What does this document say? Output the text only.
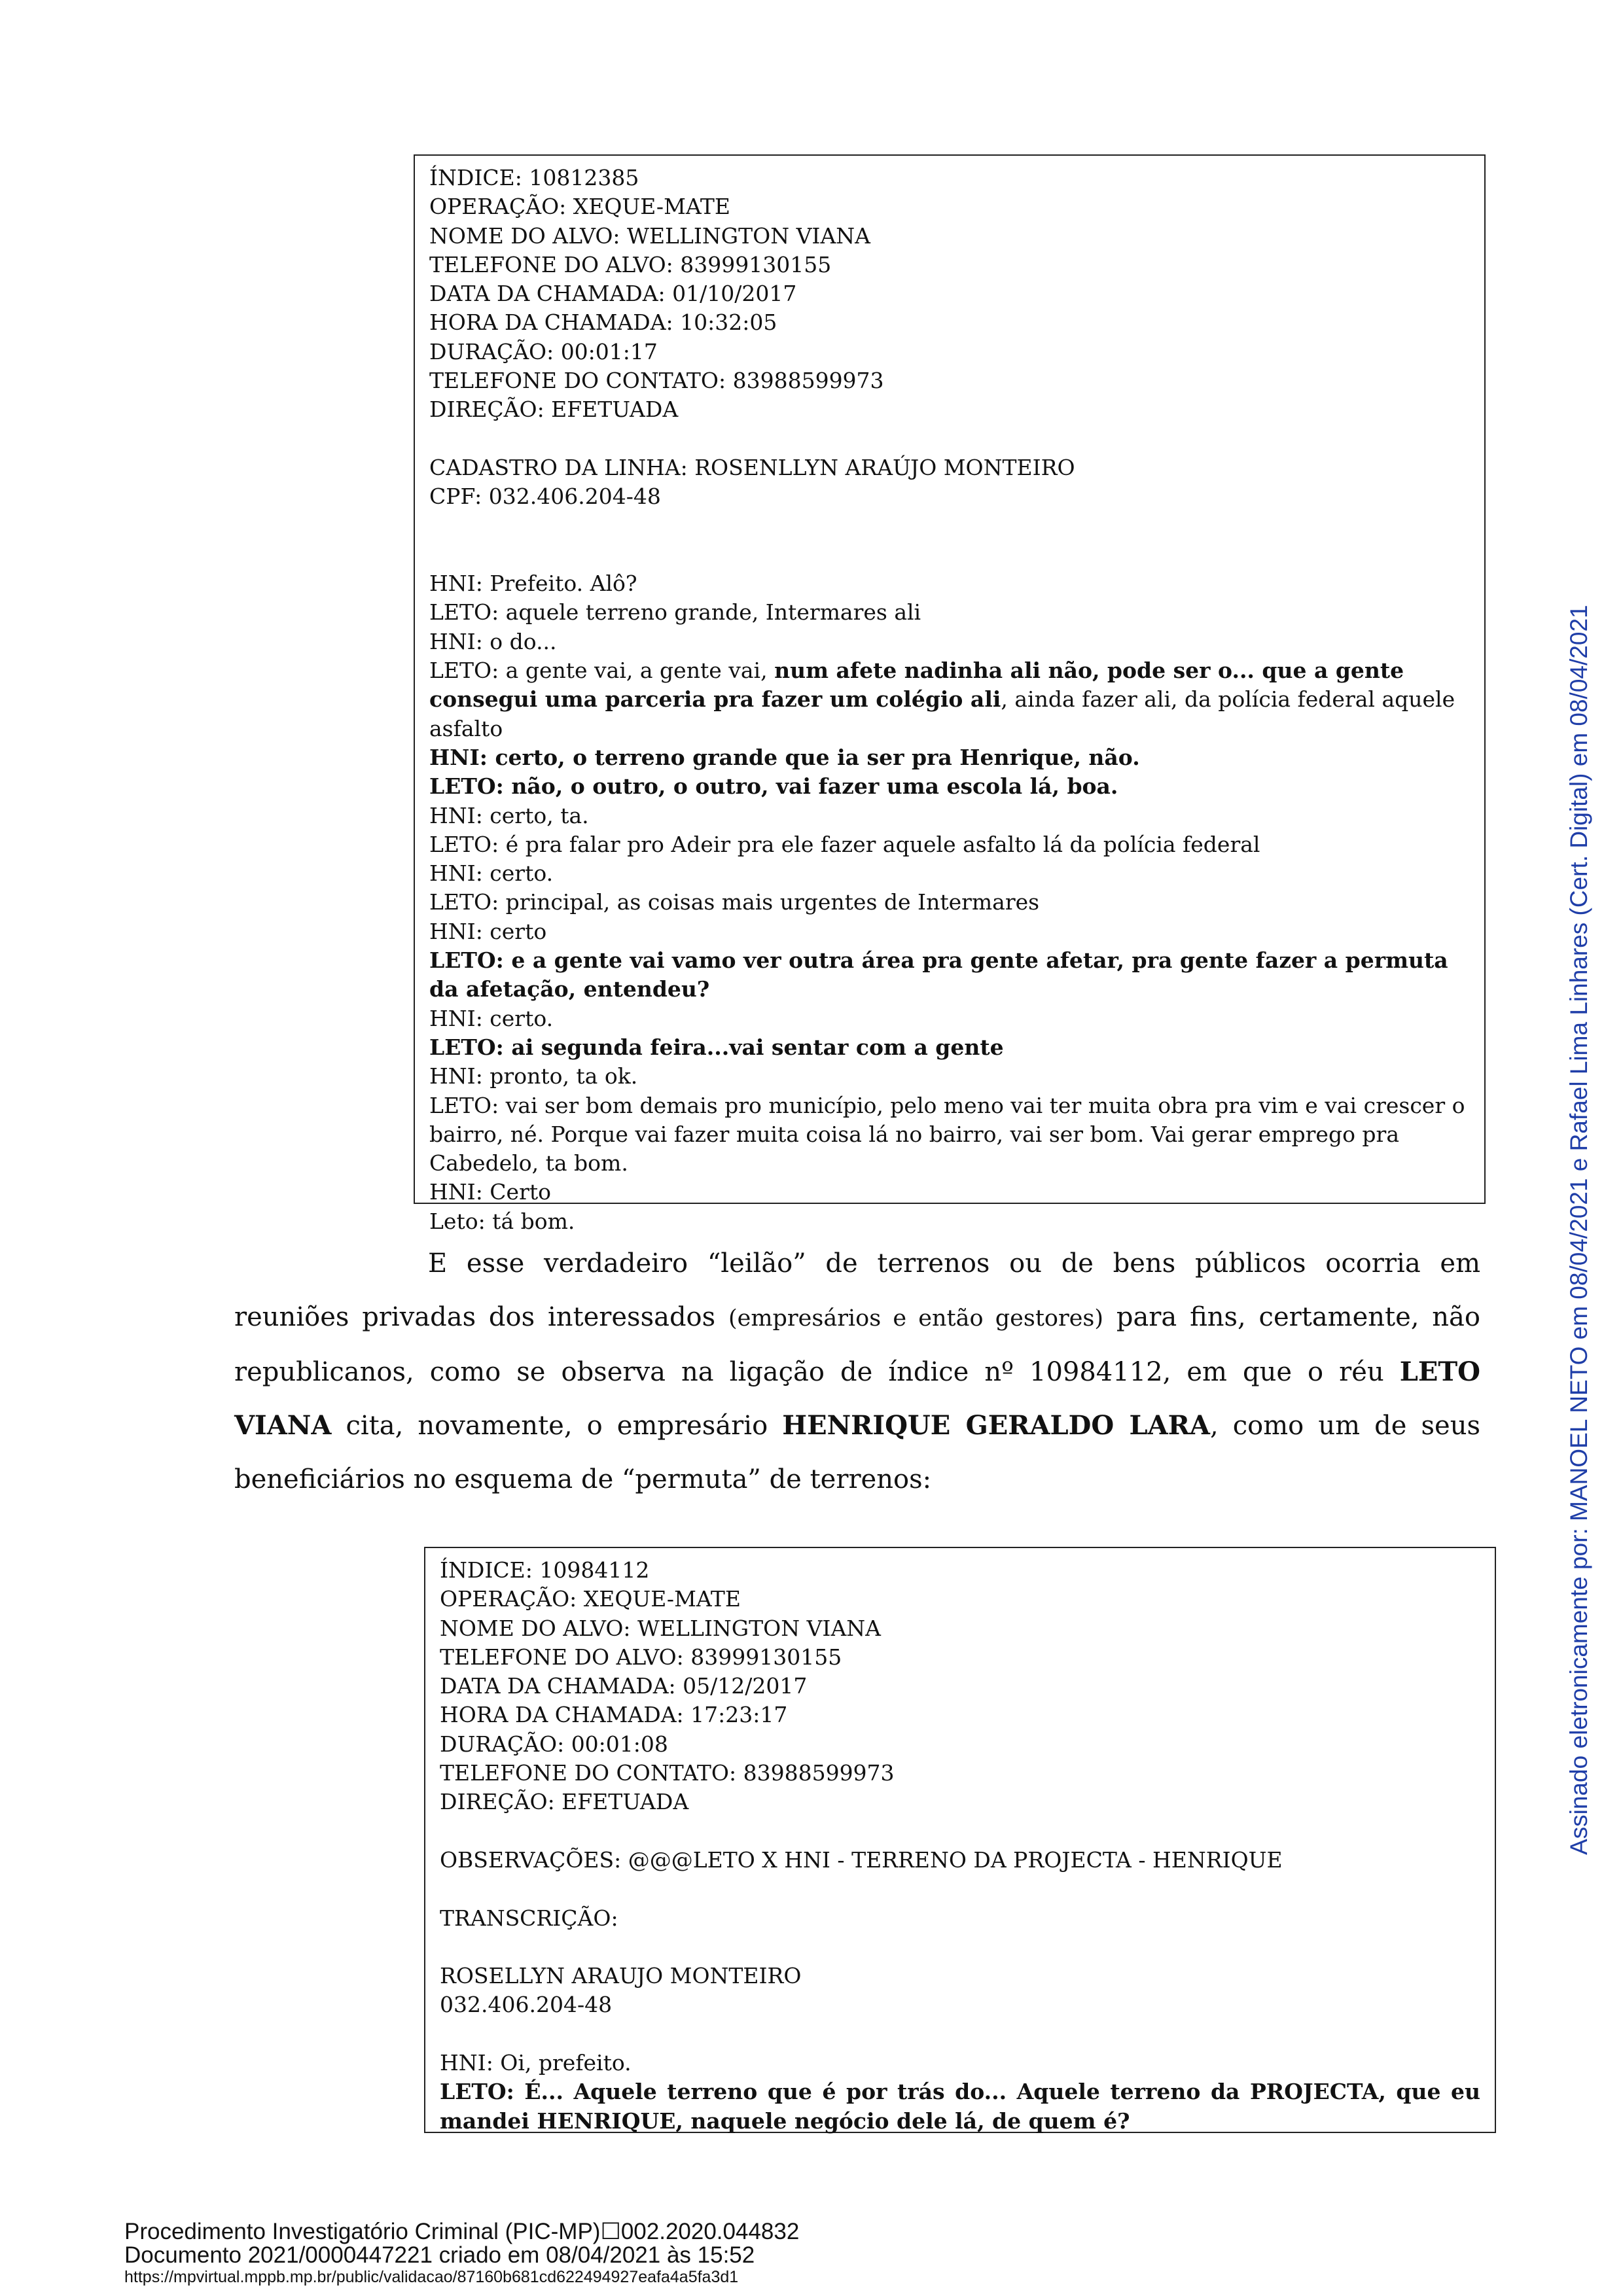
ÍNDICE: 10812385
OPERAÇÃO: XEQUE-MATE
NOME DO ALVO: WELLINGTON VIANA
TELEFONE DO ALVO: 83999130155
DATA DA CHAMADA: 01/10/2017
HORA DA CHAMADA: 10:32:05
DURAÇÃO: 00:01:17
TELEFONE DO CONTATO: 83988599973
DIREÇÃO: EFETUADA
CADASTRO DA LINHA: ROSENLLYN ARAÚJO MONTEIRO
CPF: 032.406.204-48
HNI: Prefeito. Alô?
LETO: aquele terreno grande, Intermares ali
HNI: o do...
LETO: a gente vai, a gente vai, num afete nadinha ali não, pode ser o... que a gente consegui uma parceria pra fazer um colégio ali, ainda fazer ali, da polícia federal aquele asfalto
HNI: certo, o terreno grande que ia ser pra Henrique, não.
LETO: não, o outro, o outro, vai fazer uma escola lá, boa.
HNI: certo, ta.
LETO: é pra falar pro Adeir pra ele fazer aquele asfalto lá da polícia federal
HNI: certo.
LETO: principal, as coisas mais urgentes de Intermares
HNI: certo
LETO: e a gente vai vamo ver outra área pra gente afetar, pra gente fazer a permuta da afetação, entendeu?
HNI: certo.
LETO: ai segunda feira...vai sentar com a gente
HNI: pronto, ta ok.
LETO: vai ser bom demais pro município, pelo meno vai ter muita obra pra vim e vai crescer o bairro, né. Porque vai fazer muita coisa lá no bairro, vai ser bom. Vai gerar emprego pra Cabedelo, ta bom.
HNI: Certo
Leto: tá bom.
E esse verdadeiro “leilão” de terrenos ou de bens públicos ocorria em reuniões privadas dos interessados (empresários e então gestores) para fins, certamente, não republicanos, como se observa na ligação de índice nº 10984112, em que o réu LETO VIANA cita, novamente, o empresário HENRIQUE GERALDO LARA, como um de seus beneficiários no esquema de “permuta” de terrenos:
ÍNDICE: 10984112
OPERAÇÃO: XEQUE-MATE
NOME DO ALVO: WELLINGTON VIANA
TELEFONE DO ALVO: 83999130155
DATA DA CHAMADA: 05/12/2017
HORA DA CHAMADA: 17:23:17
DURAÇÃO: 00:01:08
TELEFONE DO CONTATO: 83988599973
DIREÇÃO: EFETUADA
OBSERVAÇÕES: @@@LETO X HNI - TERRENO DA PROJECTA - HENRIQUE
TRANSCRIÇÃO:
ROSELLYN ARAUJO MONTEIRO
032.406.204-48
HNI: Oi, prefeito.
LETO: É... Aquele terreno que é por trás do... Aquele terreno da PROJECTA, que eu mandei HENRIQUE, naquele negócio dele lá, de quem é?
Procedimento Investigatório Criminal (PIC-MP)☐002.2020.044832
Documento 2021/0000447221 criado em 08/04/2021 às 15:52
https://mpvirtual.mppb.mp.br/public/validacao/87160b681cd622494927eafa4a5fa3d1
Assinado eletronicamente por: MANOEL NETO em 08/04/2021 e Rafael Lima Linhares (Cert. Digital) em 08/04/2021
